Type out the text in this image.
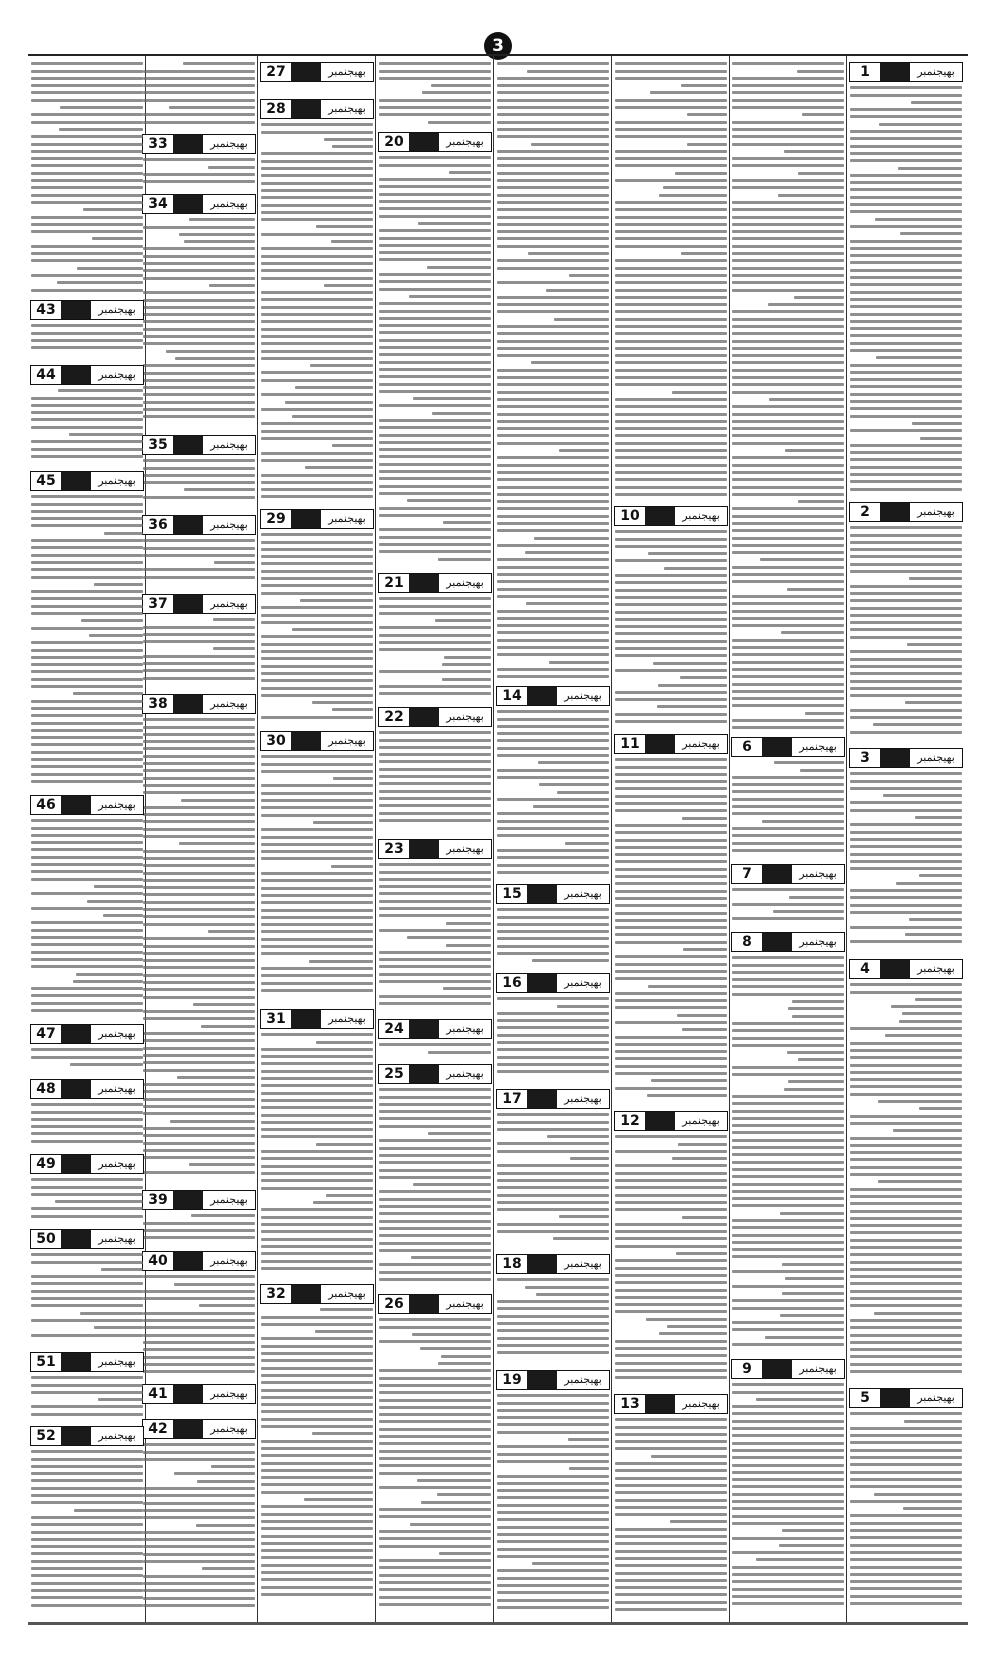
3
1	بھیجنمبر
2	بھیجنمبر
3	بھیجنمبر
4	بھیجنمبر
5	بھیجنمبر
6	بھیجنمبر
7	بھیجنمبر
8	بھیجنمبر
9	بھیجنمبر
10	بھیجنمبر
11	بھیجنمبر
12	بھیجنمبر
13	بھیجنمبر
14	بھیجنمبر
15	بھیجنمبر
16	بھیجنمبر
17	بھیجنمبر
18	بھیجنمبر
19	بھیجنمبر
20	بھیجنمبر
21	بھیجنمبر
22	بھیجنمبر
23	بھیجنمبر
24	بھیجنمبر
25	بھیجنمبر
26	بھیجنمبر
27	بھیجنمبر
28	بھیجنمبر
29	بھیجنمبر
30	بھیجنمبر
31	بھیجنمبر
32	بھیجنمبر
33	بھیجنمبر
34	بھیجنمبر
35	بھیجنمبر
36	بھیجنمبر
37	بھیجنمبر
38	بھیجنمبر
39	بھیجنمبر
40	بھیجنمبر
41	بھیجنمبر
42	بھیجنمبر
43	بھیجنمبر
44	بھیجنمبر
45	بھیجنمبر
46	بھیجنمبر
47	بھیجنمبر
48	بھیجنمبر
49	بھیجنمبر
50	بھیجنمبر
51	بھیجنمبر
52	بھیجنمبر
